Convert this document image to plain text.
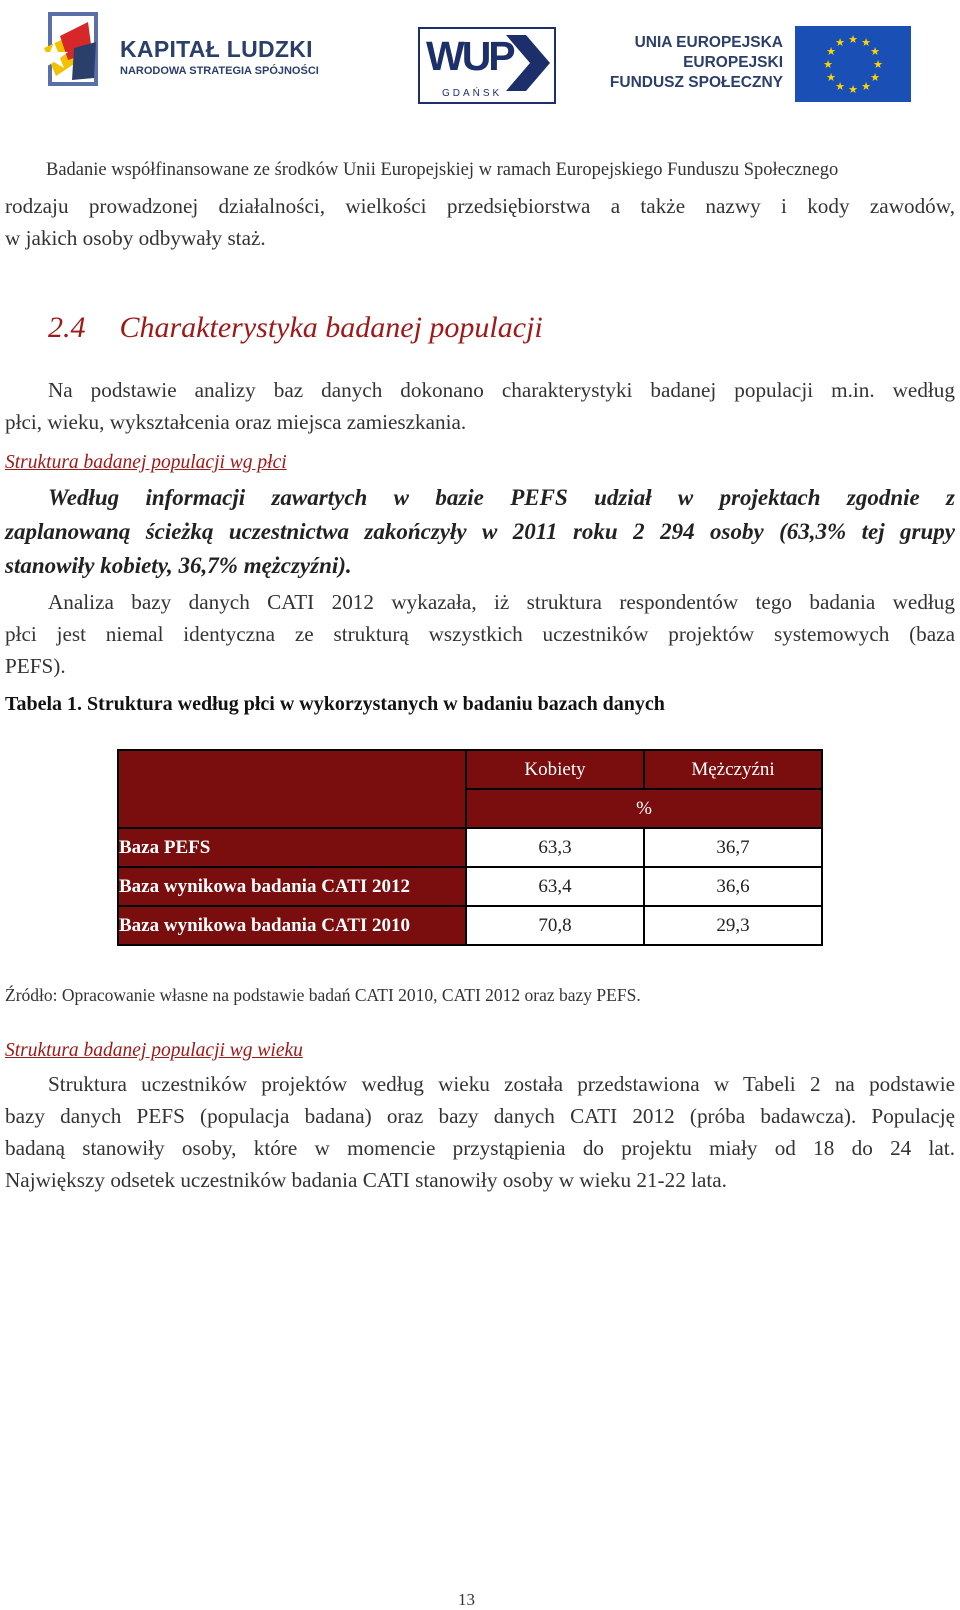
KAPITAŁ LUDZKI
NARODOWA STRATEGIA SPÓJNOŚCI	WUP
GDAŃSK
UNIA EUROPEJSKA
EUROPEJSKI
FUNDUSZ SPOŁECZNY
★ ★
★
★
★
★
★
★
★
★
★
★
Badanie współfinansowane ze środków Unii Europejskiej w ramach Europejskiego Funduszu Społecznego
rodzaju prowadzonej działalności, wielkości przedsiębiorstwa a także nazwy i kody zawodów,
w jakich osoby odbywały staż.
2.4 Charakterystyka badanej populacji
Na podstawie analizy baz danych dokonano charakterystyki badanej populacji m.in. według
płci, wieku, wykształcenia oraz miejsca zamieszkania.
Struktura badanej populacji wg płci
Według informacji zawartych w bazie PEFS udział w projektach zgodnie z
zaplanowaną ścieżką uczestnictwa zakończyły w 2011 roku 2 294 osoby (63,3% tej grupy
stanowiły kobiety, 36,7% mężczyźni).
Analiza bazy danych CATI 2012 wykazała, iż struktura respondentów tego badania według
płci jest niemal identyczna ze strukturą wszystkich uczestników projektów systemowych (baza
PEFS).
Tabela 1. Struktura według płci w wykorzystanych w badaniu bazach danych
	Kobiety	Mężczyźni
	%	
Baza PEFS	63,3	36,7
Baza wynikowa badania CATI 2012	63,4	36,6
Baza wynikowa badania CATI 2010	70,8	29,3
Źródło: Opracowanie własne na podstawie badań CATI 2010, CATI 2012 oraz bazy PEFS.
Struktura badanej populacji wg wieku
Struktura uczestników projektów według wieku została przedstawiona w Tabeli 2 na podstawie
bazy danych PEFS (populacja badana) oraz bazy danych CATI 2012 (próba badawcza). Populację
badaną stanowiły osoby, które w momencie przystąpienia do projektu miały od 18 do 24 lat.
Największy odsetek uczestników badania CATI stanowiły osoby w wieku 21-22 lata.
13
